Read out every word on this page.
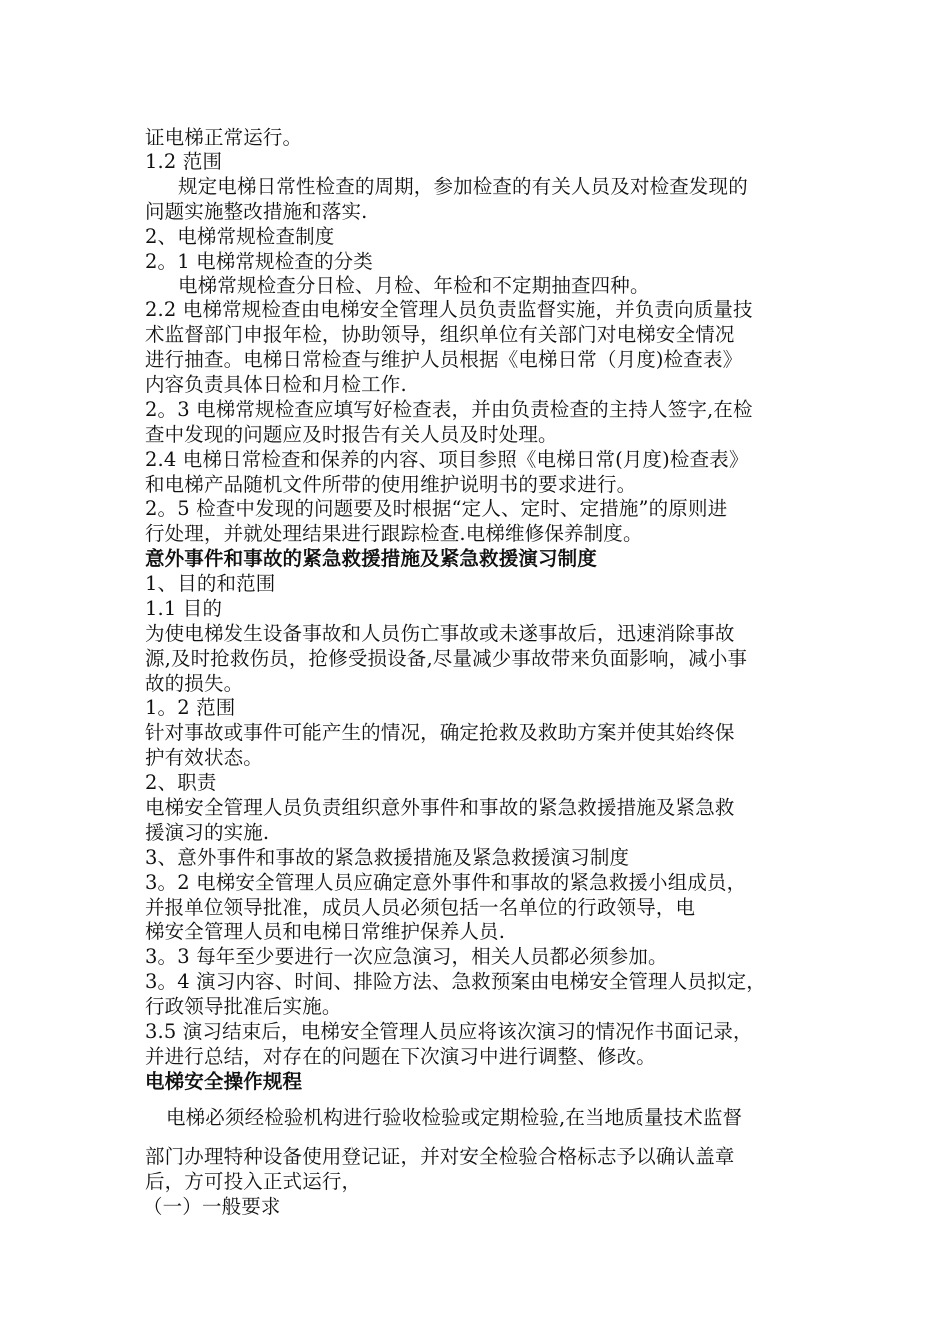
证电梯正常运行。
1.2 范围
规定电梯日常性检查的周期，参加检查的有关人员及对检查发现的
问题实施整改措施和落实.
2、电梯常规检查制度
2。1 电梯常规检查的分类
电梯常规检查分日检、月检、年检和不定期抽查四种。
2.2 电梯常规检查由电梯安全管理人员负责监督实施，并负责向质量技
术监督部门申报年检，协助领导，组织单位有关部门对电梯安全情况
进行抽查。电梯日常检查与维护人员根据《电梯日常（月度)检查表》
内容负责具体日检和月检工作.
2。3 电梯常规检查应填写好检查表，并由负责检查的主持人签字,在检
查中发现的问题应及时报告有关人员及时处理。
2.4 电梯日常检查和保养的内容、项目参照《电梯日常(月度)检查表》
和电梯产品随机文件所带的使用维护说明书的要求进行。
2。5 检查中发现的问题要及时根据“定人、定时、定措施”的原则进
行处理，并就处理结果进行跟踪检查.电梯维修保养制度。
意外事件和事故的紧急救援措施及紧急救援演习制度
1、目的和范围
1.1 目的
为使电梯发生设备事故和人员伤亡事故或未遂事故后，迅速消除事故
源,及时抢救伤员，抢修受损设备,尽量减少事故带来负面影响，减小事
故的损失。
1。2 范围
针对事故或事件可能产生的情况，确定抢救及救助方案并使其始终保
护有效状态。
2、职责
电梯安全管理人员负责组织意外事件和事故的紧急救援措施及紧急救
援演习的实施.
3、意外事件和事故的紧急救援措施及紧急救援演习制度
3。2 电梯安全管理人员应确定意外事件和事故的紧急救援小组成员，
并报单位领导批准，成员人员必须包括一名单位的行政领导，电
梯安全管理人员和电梯日常维护保养人员.
3。3 每年至少要进行一次应急演习，相关人员都必须参加。
3。4 演习内容、时间、排险方法、急救预案由电梯安全管理人员拟定，
行政领导批准后实施。
3.5 演习结束后，电梯安全管理人员应将该次演习的情况作书面记录，
并进行总结，对存在的问题在下次演习中进行调整、修改。
电梯安全操作规程
电梯必须经检验机构进行验收检验或定期检验,在当地质量技术监督
部门办理特种设备使用登记证，并对安全检验合格标志予以确认盖章
后，方可投入正式运行，
（一）一般要求
